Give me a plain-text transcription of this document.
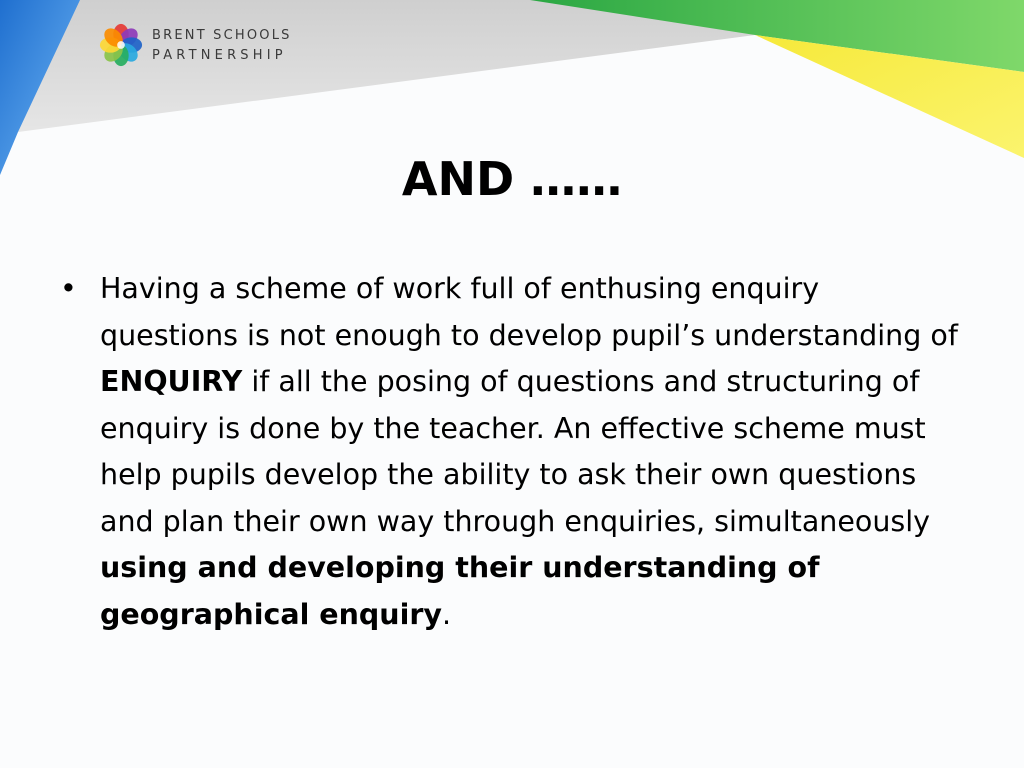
BRENT SCHOOLS
PARTNERSHIP
AND ……
• Having a scheme of work full of enthusing enquiry questions is not enough to develop pupil’s understanding of ENQUIRY if all the posing of questions and structuring of enquiry is done by the teacher. An effective scheme must help pupils develop the ability to ask their own questions and plan their own way through enquiries, simultaneously using and developing their understanding of geographical enquiry.
